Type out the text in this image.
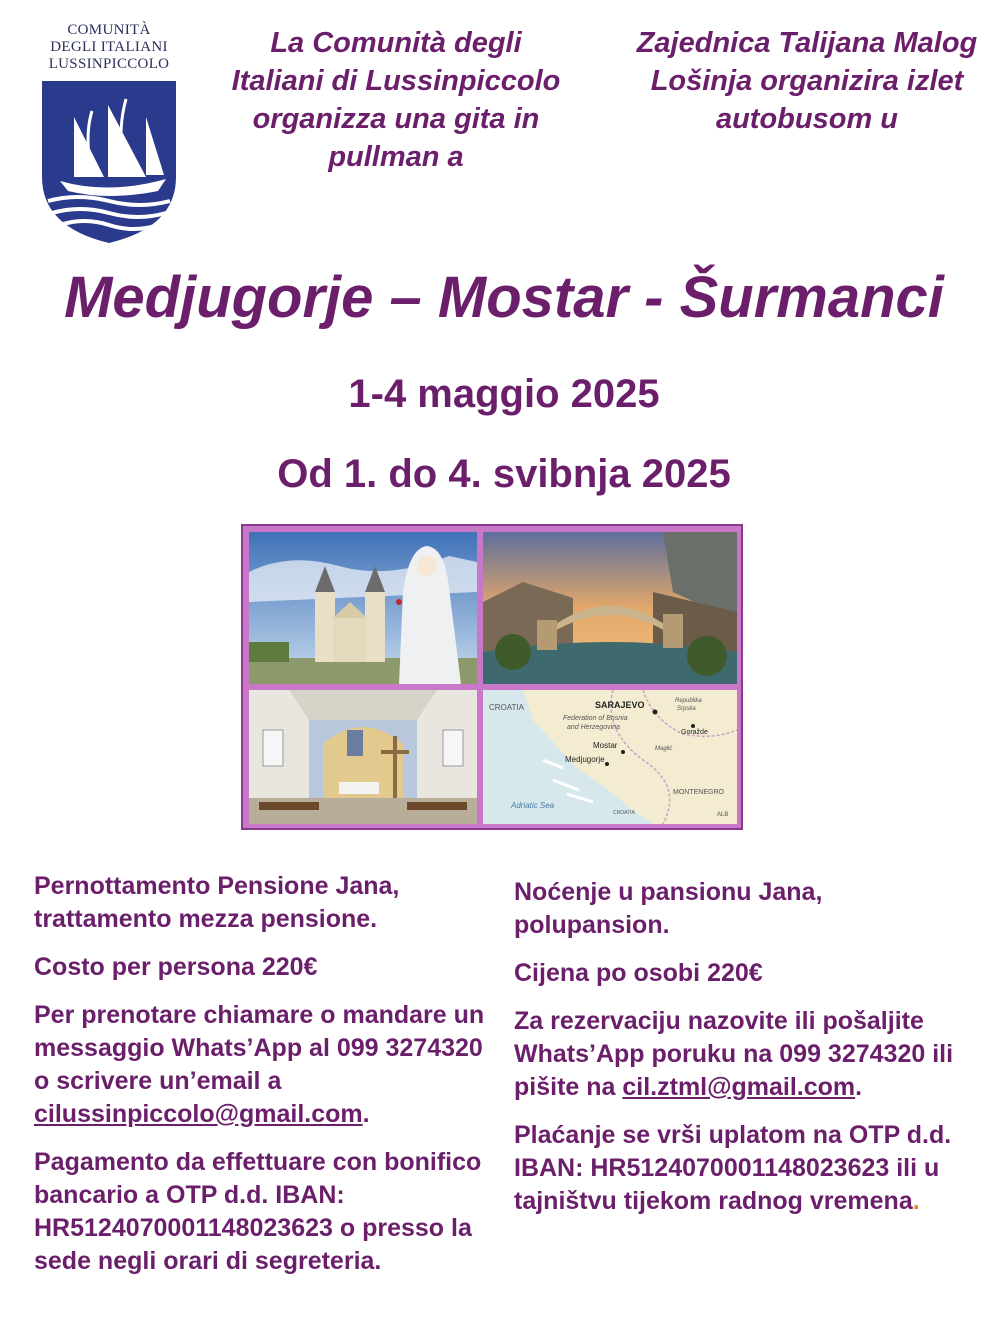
COMUNITÀ
DEGLI ITALIANI
LUSSINPICCOLO
La Comunità degli
Italiani di Lussinpiccolo
organizza una gita in
pullman a
Zajednica Talijana Malog
Lošinja organizira izlet
autobusom u
Medjugorje – Mostar - Šurmanci
1-4 maggio 2025
Od 1. do 4. svibnja 2025
CROATIA	SARAJEVO	Republika
Srpska
Federation of Bosnia
and Herzegovina
Goražde
Mostar	Maglić
Medjugorje
MONTENEGRO
Adriatic Sea
CROATIA	ALB

Pernottamento Pensione Jana, trattamento mezza pensione.

Costo per persona 220€

Per prenotare chiamare o mandare un messaggio Whats’App al 099 3274320 o scrivere un’email a cilussinpiccolo@gmail.com.

Pagamento da effettuare con bonifico bancario a OTP d.d. IBAN: HR5124070001148023623 o presso la sede negli orari di segreteria.

Noćenje u pansionu Jana, polupansion.

Cijena po osobi 220€

Za rezervaciju nazovite ili pošaljite Whats’App poruku na 099 3274320 ili pišite na cil.ztml@gmail.com.

Plaćanje se vrši uplatom na OTP d.d. IBAN: HR5124070001148023623 ili u tajništvu tijekom radnog vremena.
